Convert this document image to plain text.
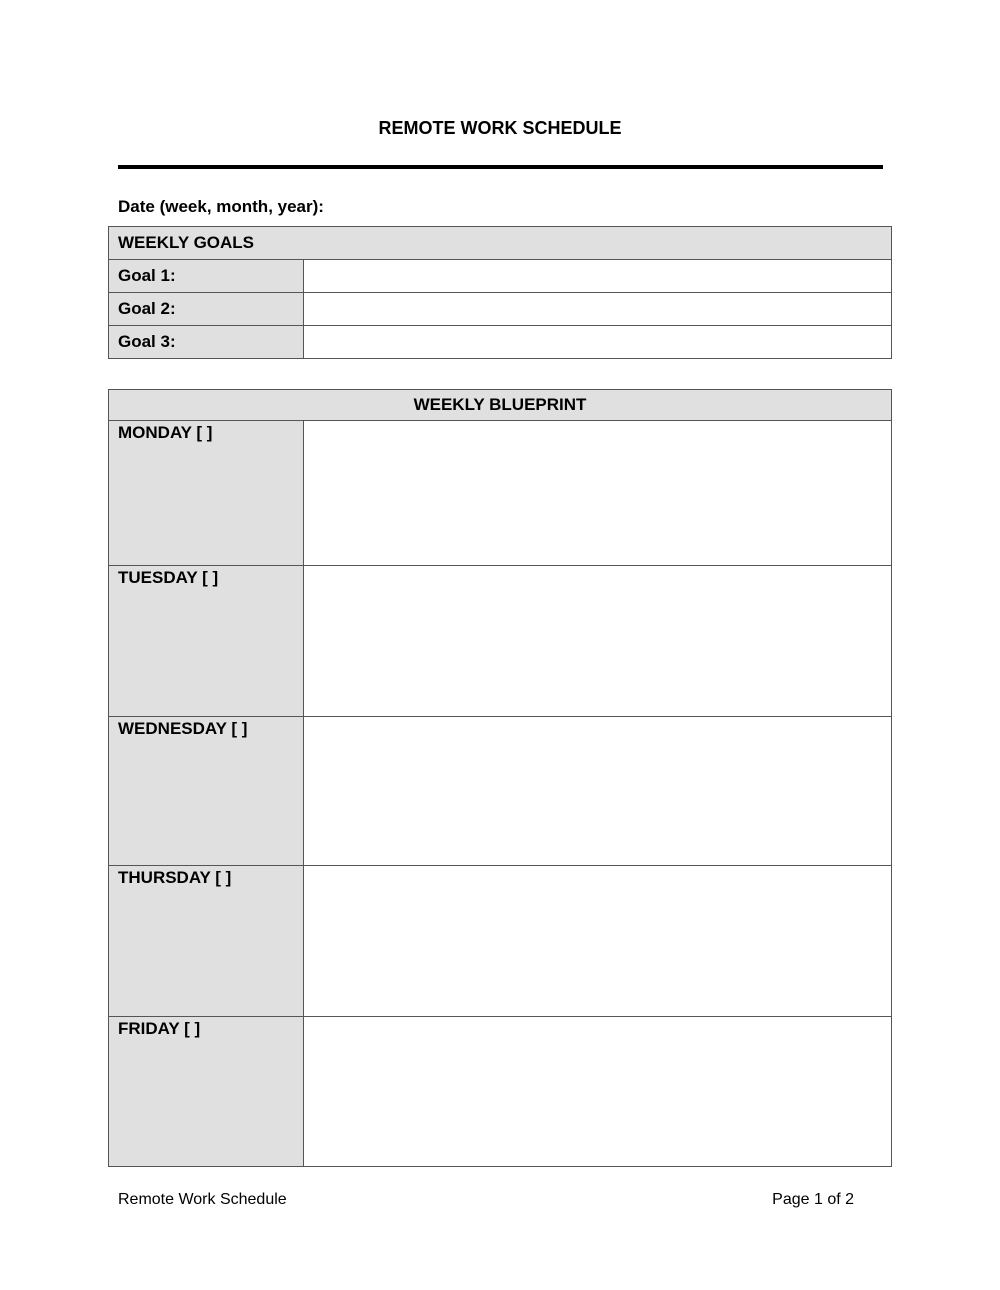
REMOTE WORK SCHEDULE
Date (week, month, year):
WEEKLY GOALS	
Goal 1:	
Goal 2:	
Goal 3:	
WEEKLY BLUEPRINT	
MONDAY [ ]	
TUESDAY [ ]	
WEDNESDAY [ ]	
THURSDAY [ ]	
FRIDAY [ ]	
Remote Work Schedule	Page 1 of 2
